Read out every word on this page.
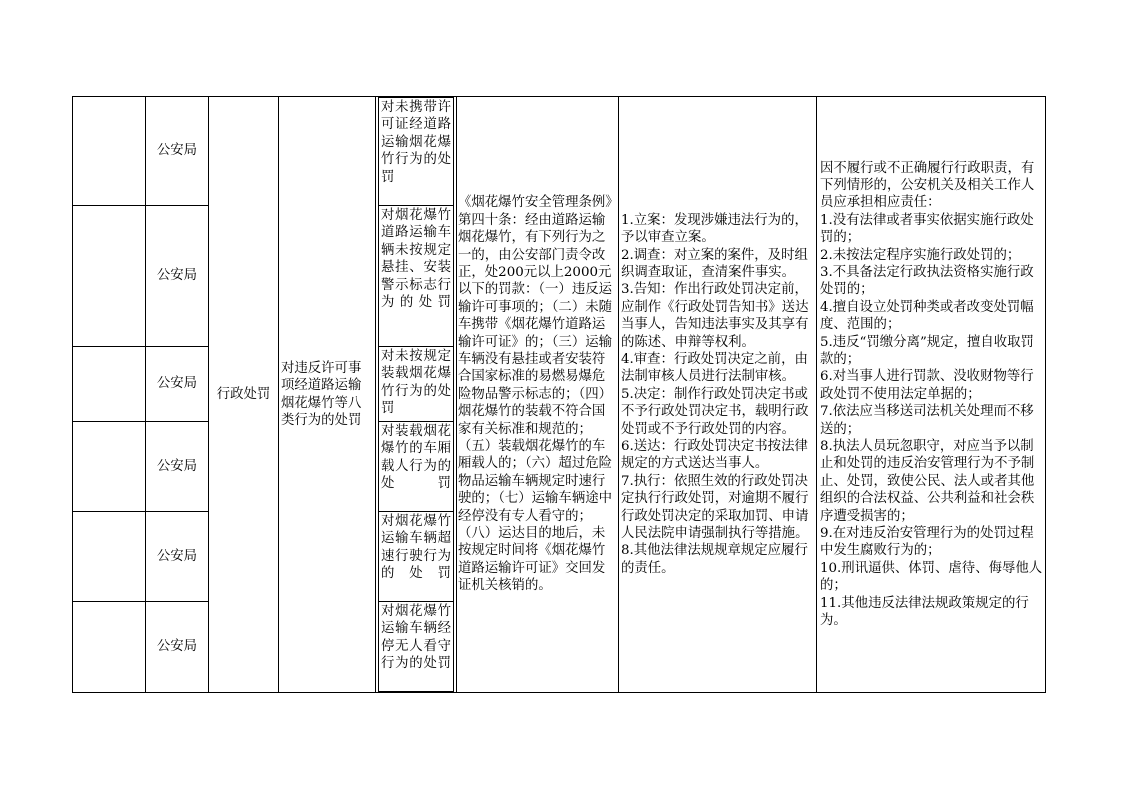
公安局
公安局
公安局
公安局
公安局
公安局
行政处罚
对违反许可事项经道路运输烟花爆竹等八类行为的处罚
对未携带许可证经道路运输烟花爆竹行为的处罚
对烟花爆竹道路运输车辆未按规定悬挂、安装警示标志行为的处罚
对未按规定装载烟花爆竹行为的处罚
对装载烟花爆竹的车厢载人行为的处罚
对烟花爆竹运输车辆超速行驶行为的处罚
对烟花爆竹运输车辆经停无人看守行为的处罚
《烟花爆竹安全管理条例》第四十条：经由道路运输烟花爆竹，有下列行为之一的，由公安部门责令改正，处200元以上2000元以下的罚款：（一）违反运输许可事项的；（二）未随车携带《烟花爆竹道路运输许可证》的；（三）运输车辆没有悬挂或者安装符合国家标准的易燃易爆危险物品警示标志的；（四）烟花爆竹的装载不符合国家有关标准和规范的；（五）装载烟花爆竹的车厢载人的；（六）超过危险物品运输车辆规定时速行驶的；（七）运输车辆途中经停没有专人看守的；（八）运达目的地后，未按规定时间将《烟花爆竹道路运输许可证》交回发证机关核销的。
1.立案：发现涉嫌违法行为的，予以审查立案。
2.调查：对立案的案件，及时组织调查取证，查清案件事实。
3.告知：作出行政处罚决定前，应制作《行政处罚告知书》送达当事人，告知违法事实及其享有的陈述、申辩等权利。
4.审查：行政处罚决定之前，由法制审核人员进行法制审核。
5.决定：制作行政处罚决定书或不予行政处罚决定书，载明行政处罚或不予行政处罚的内容。
6.送达：行政处罚决定书按法律规定的方式送达当事人。
7.执行：依照生效的行政处罚决定执行行政处罚，对逾期不履行行政处罚决定的采取加罚、申请人民法院申请强制执行等措施。
8.其他法律法规规章规定应履行的责任。
因不履行或不正确履行行政职责，有下列情形的，公安机关及相关工作人员应承担相应责任：
1.没有法律或者事实依据实施行政处罚的；
2.未按法定程序实施行政处罚的；
3.不具备法定行政执法资格实施行政处罚的；
4.擅自设立处罚种类或者改变处罚幅度、范围的；
5.违反“罚缴分离”规定，擅自收取罚款的；
6.对当事人进行罚款、没收财物等行政处罚不使用法定单据的；
7.依法应当移送司法机关处理而不移送的；
8.执法人员玩忽职守，对应当予以制止和处罚的违反治安管理行为不予制止、处罚，致使公民、法人或者其他组织的合法权益、公共利益和社会秩序遭受损害的；
9.在对违反治安管理行为的处罚过程中发生腐败行为的；
10.刑讯逼供、体罚、虐待、侮辱他人的；
11.其他违反法律法规政策规定的行为。
